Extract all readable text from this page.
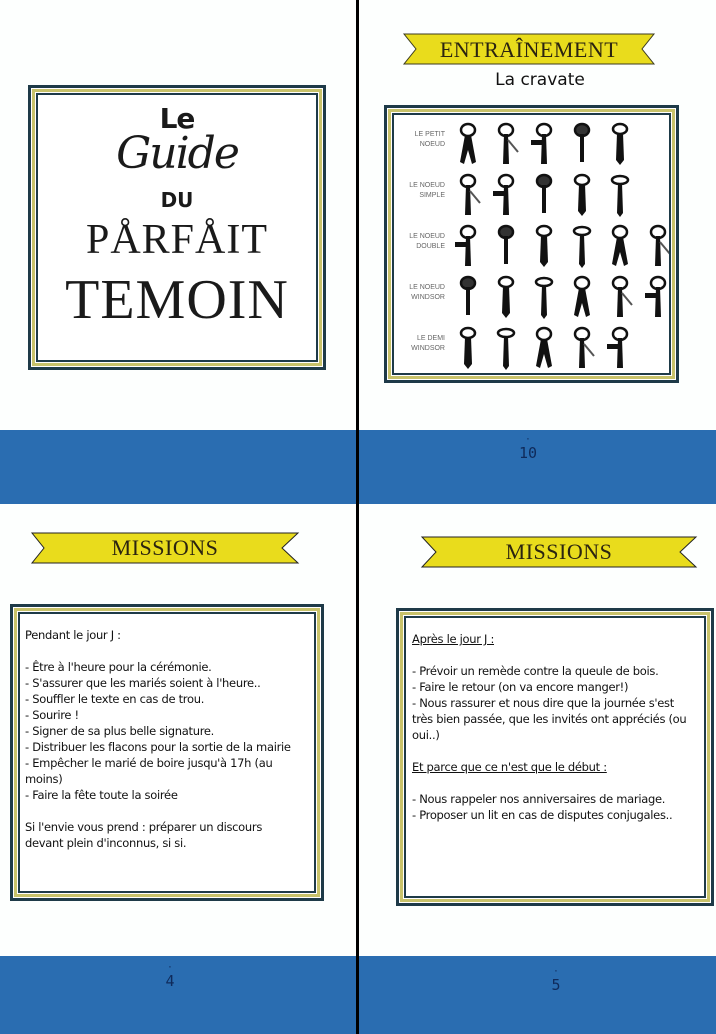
Le
Guide
DU
PÅRFÅIT
TEMOIN
ENTRAÎNEMENT
La cravate
LE PETIT
NOEUD
LE NOEUD
SIMPLE
LE NOEUD
DOUBLE
LE NOEUD
WINDSOR
LE DEMI
WINDSOR
·
10
MISSIONS
Pendant le jour J :
- Être à l'heure pour la cérémonie.
- S'assurer que les mariés soient à l'heure..
- Souffler le texte en cas de trou.
- Sourire !
- Signer de sa plus belle signature.
- Distribuer les flacons pour la sortie de la mairie
- Empêcher le marié de boire jusqu'à 17h (au
moins)
- Faire la fête toute la soirée
Si l'envie vous prend : préparer un discours
devant plein d'inconnus, si si.
·
4
MISSIONS
Après le jour J :
- Prévoir un remède contre la queule de bois.
- Faire le retour (on va encore manger!)
- Nous rassurer et nous dire que la journée s'est
très bien passée, que les invités ont appréciés (ou
oui..)
Et parce que ce n'est que le début :
- Nous rappeler nos anniversaires de mariage.
- Proposer un lit en cas de disputes conjugales..
·
5
